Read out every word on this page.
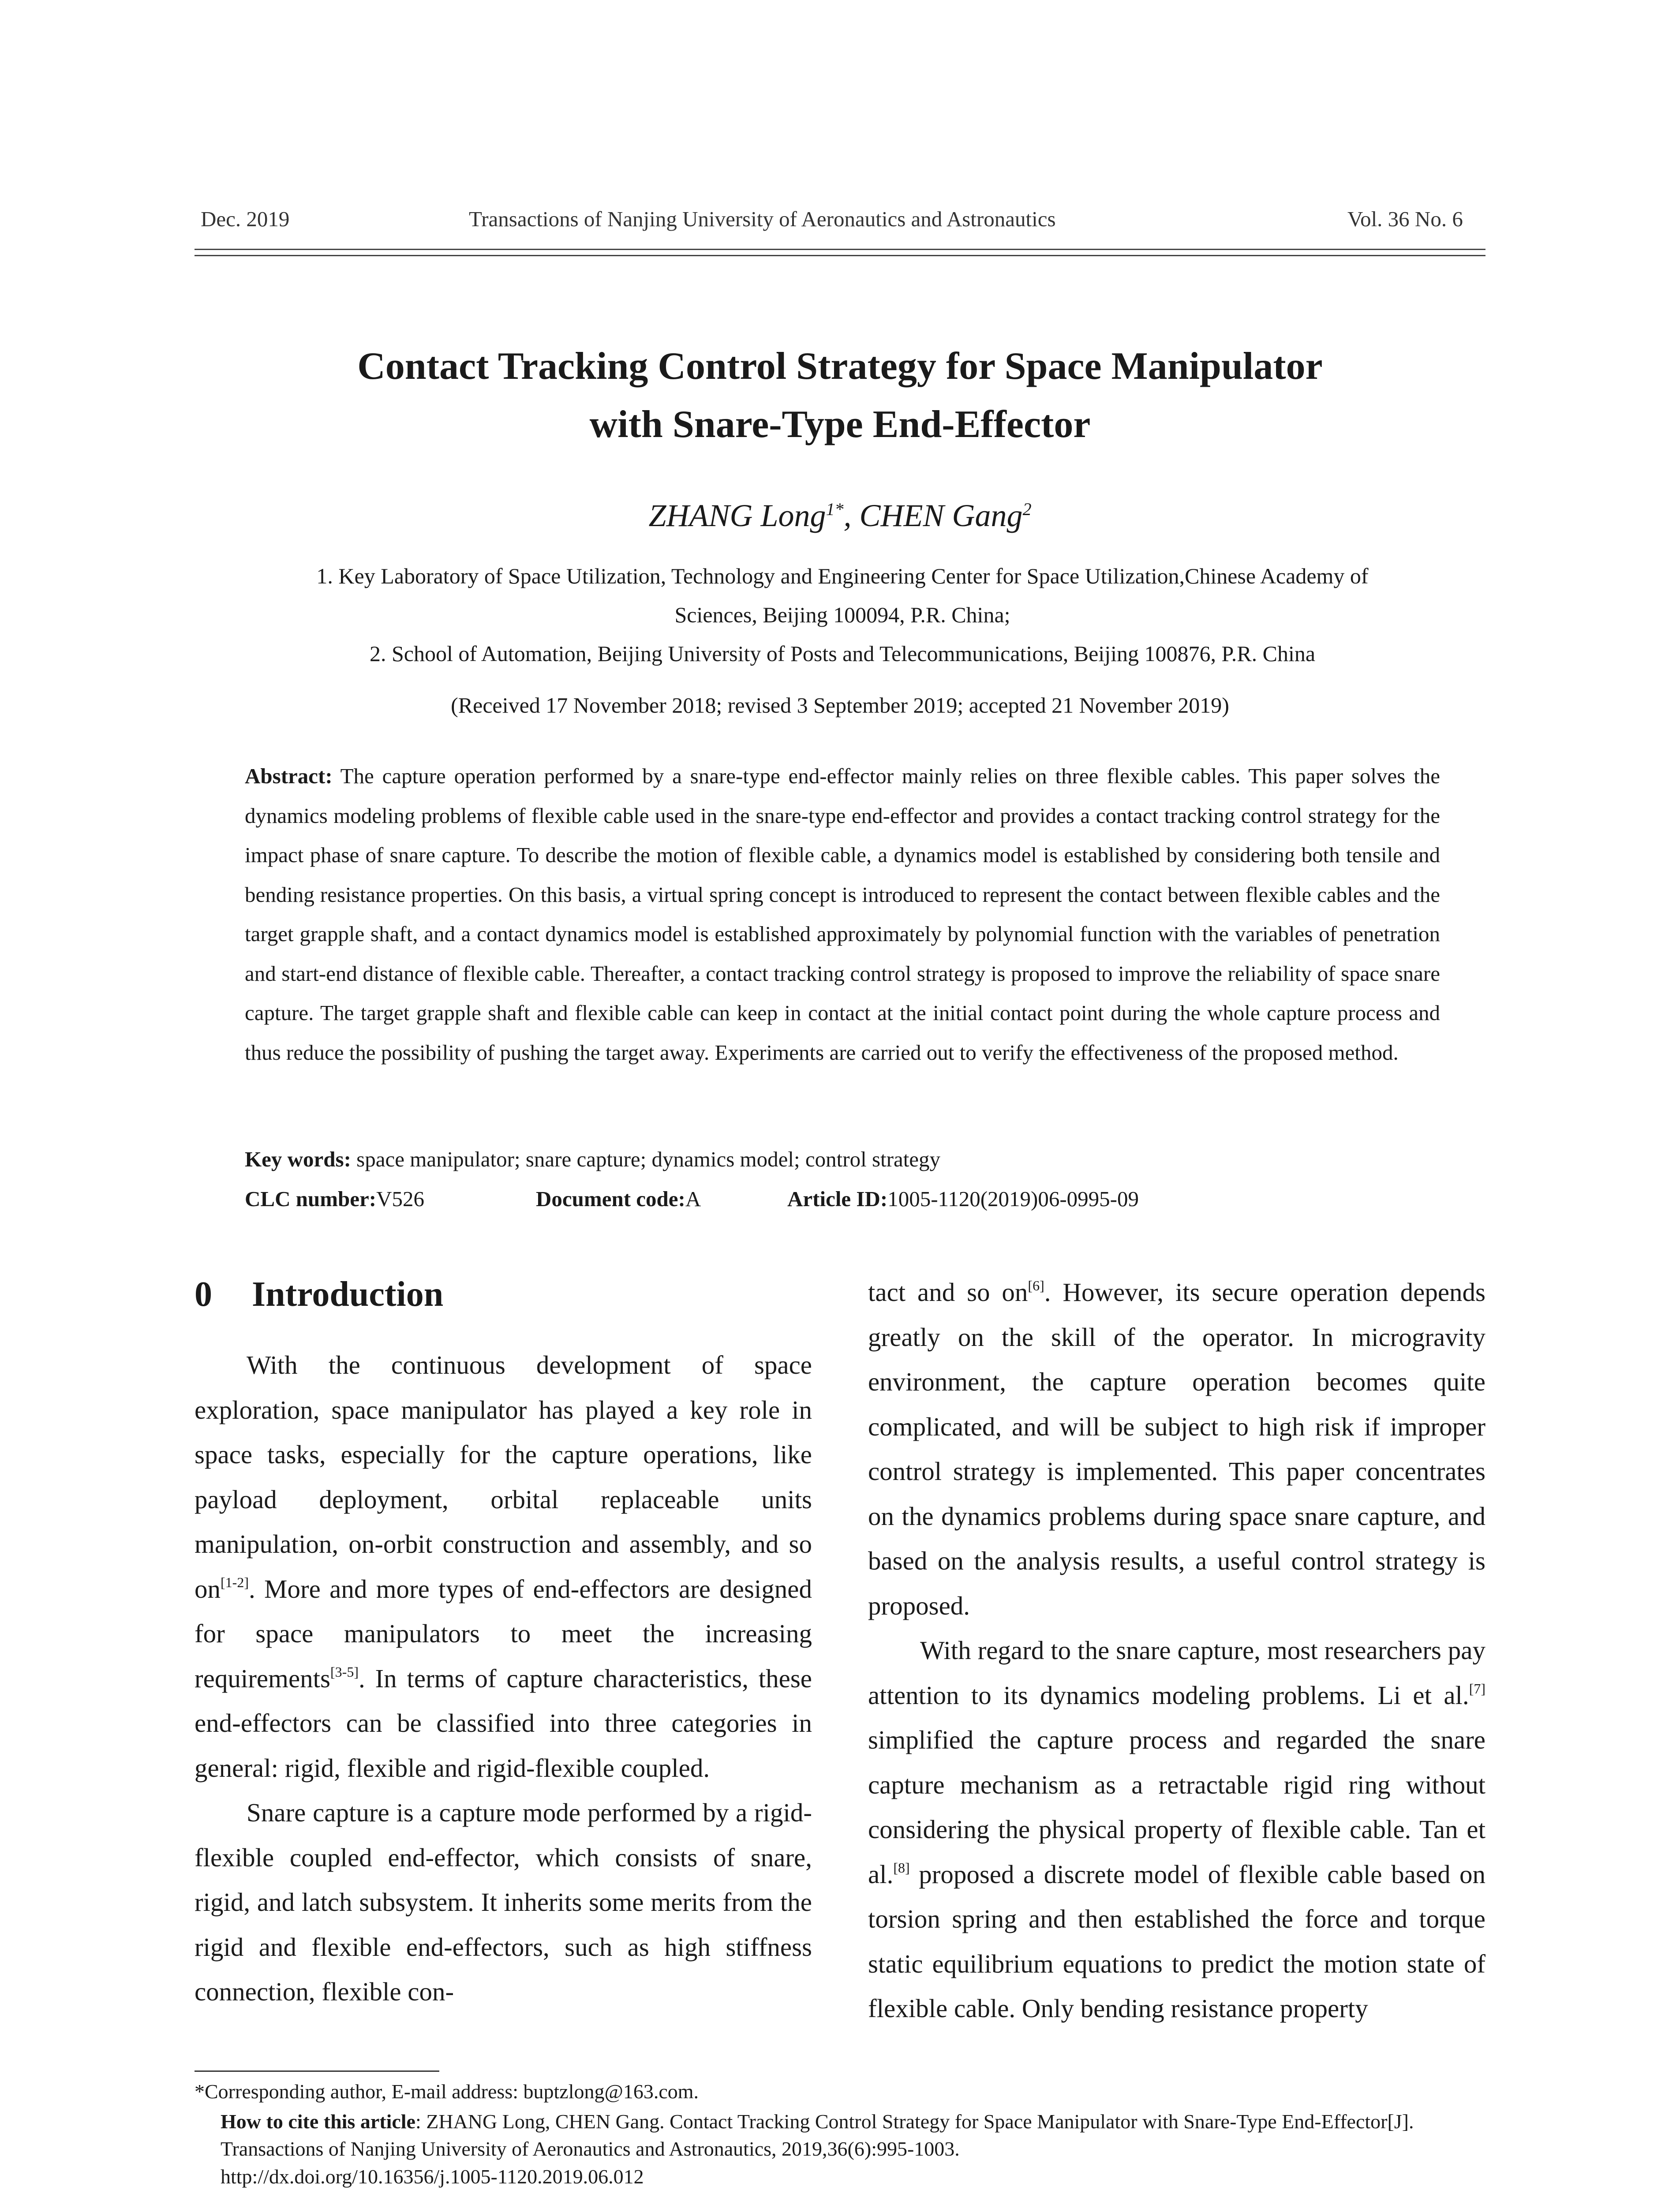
Dec. 2019	Transactions of Nanjing University of Aeronautics and Astronautics	Vol. 36 No. 6
Contact Tracking Control Strategy for Space Manipulator
with Snare-Type End-Effector
ZHANG Long$^{1*}$, CHEN Gang$^2$
1. Key Laboratory of Space Utilization, Technology and Engineering Center for Space Utilization,Chinese Academy of
Sciences, Beijing 100094, P.R. China;
2. School of Automation, Beijing University of Posts and Telecommunications, Beijing 100876, P.R. China
(Received 17 November 2018; revised 3 September 2019; accepted 21 November 2019)
Abstract: The capture operation performed by a snare-type end-effector mainly relies on three flexible cables. This paper solves the dynamics modeling problems of flexible cable used in the snare-type end-effector and provides a contact tracking control strategy for the impact phase of snare capture. To describe the motion of flexible cable, a dynamics model is established by considering both tensile and bending resistance properties. On this basis, a virtual spring concept is introduced to represent the contact between flexible cables and the target grapple shaft, and a contact dynamics model is established approximately by polynomial function with the variables of penetration and start-end distance of flexible cable. Thereafter, a contact tracking control strategy is proposed to improve the reliability of space snare capture. The target grapple shaft and flexible cable can keep in contact at the initial contact point during the whole capture process and thus reduce the possibility of pushing the target away. Experiments are carried out to verify the effectiveness of the proposed method.
Key words: space manipulator; snare capture; dynamics model; control strategy
CLC number:V526	Document code:A	Article ID:1005-1120(2019)06-0995-09
0 Introduction

With the continuous development of space exploration, space manipulator has played a key role in space tasks, especially for the capture operations, like payload deployment, orbital replaceable units manipulation, on-orbit construction and assembly, and so on[1-2]. More and more types of end-effectors are designed for space manipulators to meet the increasing requirements[3-5]. In terms of capture characteristics, these end-effectors can be classified into three categories in general: rigid, flexible and rigid-flexible coupled.

Snare capture is a capture mode performed by a rigid-flexible coupled end-effector, which consists of snare, rigid, and latch subsystem. It inherits some merits from the rigid and flexible end-effectors, such as high stiffness connection, flexible con-

tact and so on[6]. However, its secure operation depends greatly on the skill of the operator. In microgravity environment, the capture operation becomes quite complicated, and will be subject to high risk if improper control strategy is implemented. This paper concentrates on the dynamics problems during space snare capture, and based on the analysis results, a useful control strategy is proposed.

With regard to the snare capture, most researchers pay attention to its dynamics modeling problems. Li et al.[7] simplified the capture process and regarded the snare capture mechanism as a retractable rigid ring without considering the physical property of flexible cable. Tan et al.[8] proposed a discrete model of flexible cable based on torsion spring and then established the force and torque static equilibrium equations to predict the motion state of flexible cable. Only bending resistance property

*Corresponding author, E-mail address: buptzlong@163.com.
How to cite this article: ZHANG Long, CHEN Gang. Contact Tracking Control Strategy for Space Manipulator with Snare-Type End-Effector[J]. Transactions of Nanjing University of Aeronautics and Astronautics, 2019,36(6):995-1003.
http://dx.doi.org/10.16356/j.1005-1120.2019.06.012
